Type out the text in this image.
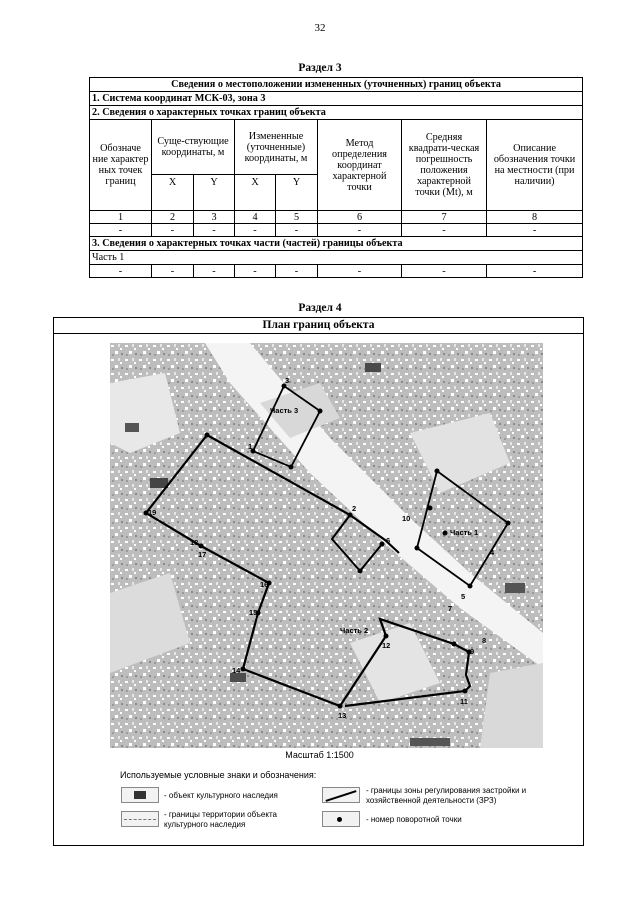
32
Раздел 3
Сведения о местоположении измененных (уточненных) границ объекта							
1. Система координат МСК-03, зона 3							
2. Сведения о характерных точках границ объекта							
Обозначе ние характер ных точек границ	Суще-ствующие координаты, м		Измененные (уточненные) координаты, м		Метод определения координат характерной точки	Средняя квадрати-ческая погрешность положения характерной точки (Mt), м	Описание обозначения точки на местности (при наличии)
	X	Y	X	Y			
1	2	3	4	5	6	7	8
-	-	-	-	-	-	-	-
3. Сведения о характерных точках части (частей) границы объекта							
Часть 1							
-	-	-	-	-	-	-	-
Раздел 4
План границ объекта
Часть 3
Часть 2
Часть 1
1
2
3
4
5
6
7
8
9
10
11
12
13
14
15
16
17
18
19
Масштаб 1:1500
Используемые условные знаки и обозначения:
- объект культурного наследия
- границы территории объекта культурного наследия
- границы зоны регулирования застройки и хозяйственной деятельности (ЗРЗ)
- номер поворотной точки
